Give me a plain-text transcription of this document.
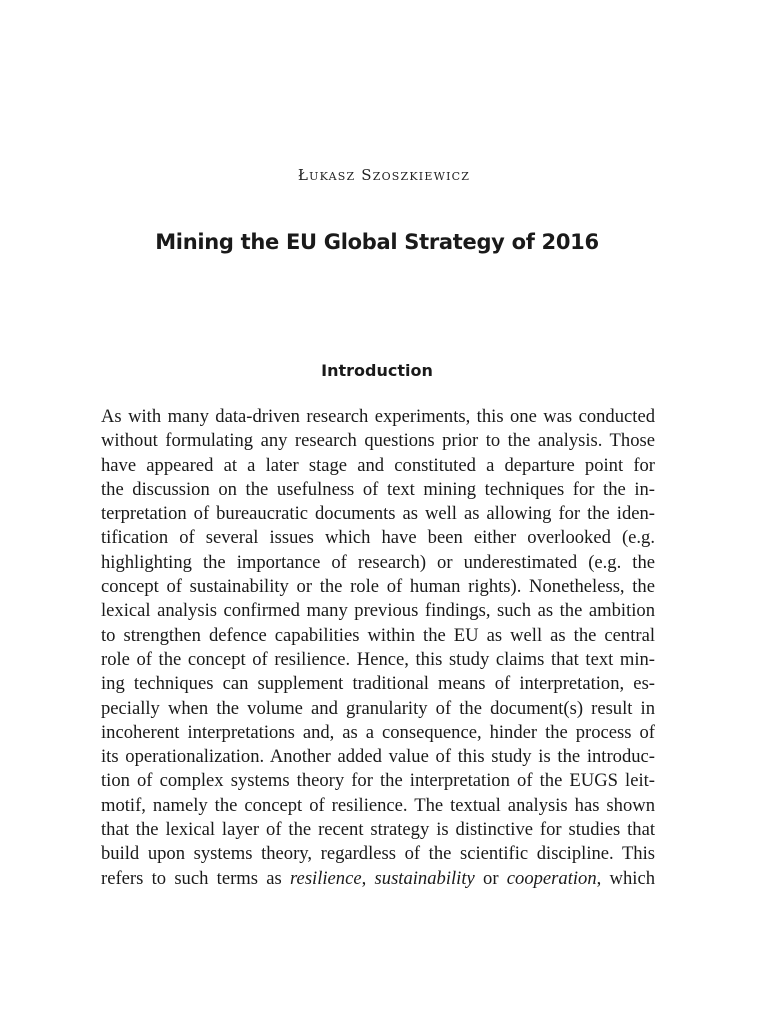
Łukasz Szoszkiewicz
Mining the EU Global Strategy of 2016
Introduction
As with many data-driven research experiments, this one was conducted
without formulating any research questions prior to the analysis. Those
have appeared at a later stage and constituted a departure point for
the discussion on the usefulness of text mining techniques for the in-
terpretation of bureaucratic documents as well as allowing for the iden-
tification of several issues which have been either overlooked (e.g.
highlighting the importance of research) or underestimated (e.g. the
concept of sustainability or the role of human rights). Nonetheless, the
lexical analysis confirmed many previous findings, such as the ambition
to strengthen defence capabilities within the EU as well as the central
role of the concept of resilience. Hence, this study claims that text min-
ing techniques can supplement traditional means of interpretation, es-
pecially when the volume and granularity of the document(s) result in
incoherent interpretations and, as a consequence, hinder the process of
its operationalization. Another added value of this study is the introduc-
tion of complex systems theory for the interpretation of the EUGS leit-
motif, namely the concept of resilience. The textual analysis has shown
that the lexical layer of the recent strategy is distinctive for studies that
build upon systems theory, regardless of the scientific discipline. This
refers to such terms as resilience, sustainability or cooperation, which
